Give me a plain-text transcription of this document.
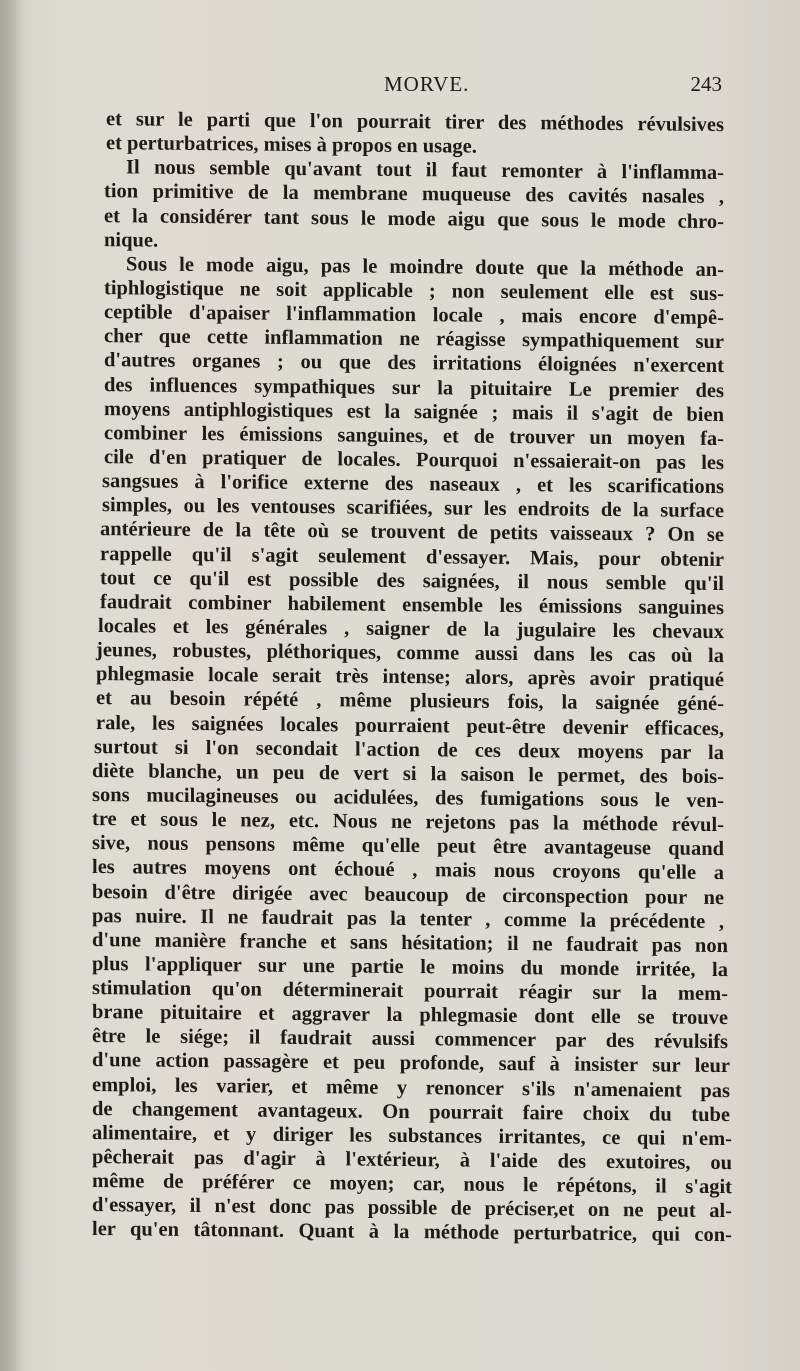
MORVE.	243
et sur le parti que l'on pourrait tirer des méthodes révulsives
et perturbatrices, mises à propos en usage.
Il nous semble qu'avant tout il faut remonter à l'inflamma-
tion primitive de la membrane muqueuse des cavités nasales ,
et la considérer tant sous le mode aigu que sous le mode chro-
nique.
Sous le mode aigu, pas le moindre doute que la méthode an-
tiphlogistique ne soit applicable ; non seulement elle est sus-
ceptible d'apaiser l'inflammation locale , mais encore d'empê-
cher que cette inflammation ne réagisse sympathiquement sur
d'autres organes ; ou que des irritations éloignées n'exercent
des influences sympathiques sur la pituitaire Le premier des
moyens antiphlogistiques est la saignée ; mais il s'agit de bien
combiner les émissions sanguines, et de trouver un moyen fa-
cile d'en pratiquer de locales. Pourquoi n'essaierait-on pas les
sangsues à l'orifice externe des naseaux , et les scarifications
simples, ou les ventouses scarifiées, sur les endroits de la surface
antérieure de la tête où se trouvent de petits vaisseaux ? On se
rappelle qu'il s'agit seulement d'essayer. Mais, pour obtenir
tout ce qu'il est possible des saignées, il nous semble qu'il
faudrait combiner habilement ensemble les émissions sanguines
locales et les générales , saigner de la jugulaire les chevaux
jeunes, robustes, pléthoriques, comme aussi dans les cas où la
phlegmasie locale serait très intense; alors, après avoir pratiqué
et au besoin répété , même plusieurs fois, la saignée géné-
rale, les saignées locales pourraient peut-être devenir efficaces,
surtout si l'on secondait l'action de ces deux moyens par la
diète blanche, un peu de vert si la saison le permet, des bois-
sons mucilagineuses ou acidulées, des fumigations sous le ven-
tre et sous le nez, etc. Nous ne rejetons pas la méthode révul-
sive, nous pensons même qu'elle peut être avantageuse quand
les autres moyens ont échoué , mais nous croyons qu'elle a
besoin d'être dirigée avec beaucoup de circonspection pour ne
pas nuire. Il ne faudrait pas la tenter , comme la précédente ,
d'une manière franche et sans hésitation; il ne faudrait pas non
plus l'appliquer sur une partie le moins du monde irritée, la
stimulation qu'on déterminerait pourrait réagir sur la mem-
brane pituitaire et aggraver la phlegmasie dont elle se trouve
être le siége; il faudrait aussi commencer par des révulsifs
d'une action passagère et peu profonde, sauf à insister sur leur
emploi, les varier, et même y renoncer s'ils n'amenaient pas
de changement avantageux. On pourrait faire choix du tube
alimentaire, et y diriger les substances irritantes, ce qui n'em-
pêcherait pas d'agir à l'extérieur, à l'aide des exutoires, ou
même de préférer ce moyen; car, nous le répétons, il s'agit
d'essayer, il n'est donc pas possible de préciser,et on ne peut al-
ler qu'en tâtonnant. Quant à la méthode perturbatrice, qui con-
